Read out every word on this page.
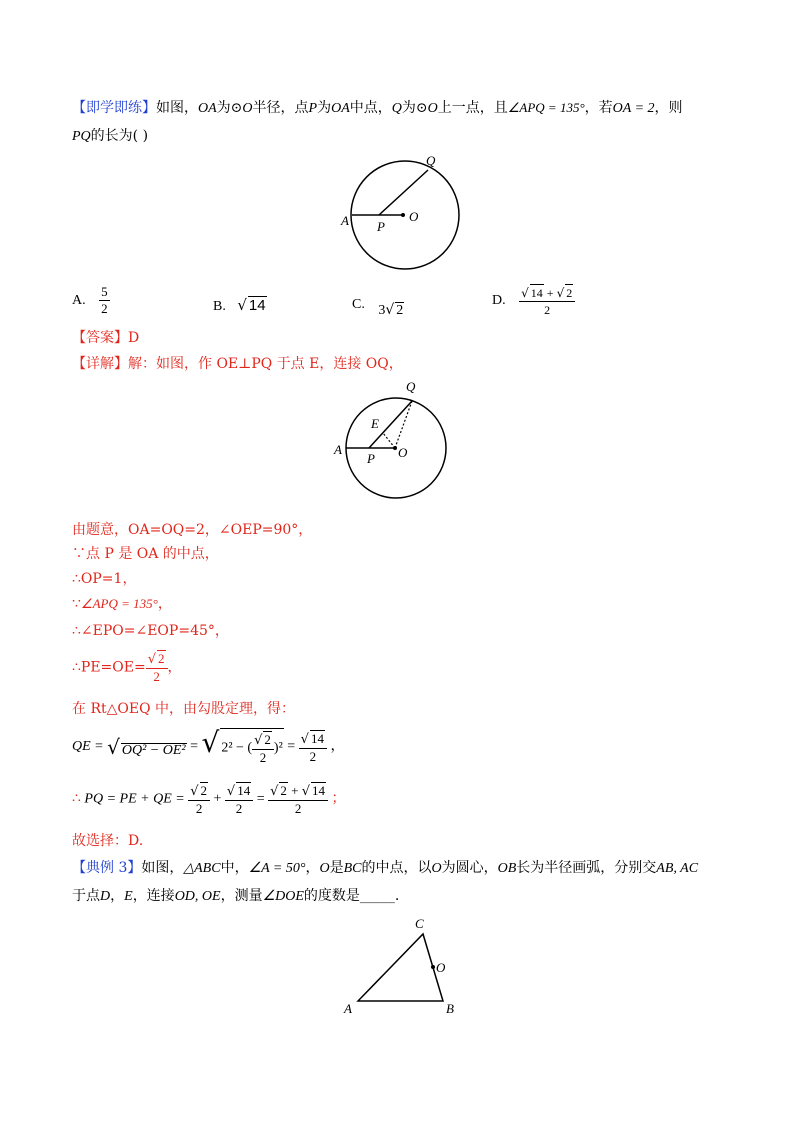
【即学即练】如图，OA为⊙O半径，点P为OA中点，Q为⊙O上一点，且∠APQ = 135°，若OA = 2，则
PQ的长为( )
A P
O
Q
A. $\frac{5}{2}$	B. √ 14	C. 3√ 2
D. $\frac{√ 14 + √ 2}{2}$
【答案】D
【详解】解：如图，作 OE⊥PQ 于点 E，连接 OQ，
A
P O
Q
E
由题意，OA=OQ=2，∠OEP=90°，
∵点 P 是 OA 的中点，
∴OP=1，
∵∠APQ = 135°，
∴∠EPO=∠EOP=45°，
∴PE=OE= $\frac{√ 2}{2}$ ，
在 Rt△OEQ 中，由勾股定理，得：
QE = √ OQ² − OE² = √ 2² − ( $\frac{√ 2}{2} )^2 = \frac{√ 14}{2}$ ，
∴ PQ = PE + QE = $\frac{√ 2}{2} + \frac{√ 14}{2} = \frac{√ 2 + √ 14}{2}$ ；
故选择：D.
【典例 3】如图，△ABC中，∠A = 50°，O是BC的中点，以O为圆心，OB长为半径画弧，分别交AB, AC
于点D，E，连接OD, OE，测量∠DOE的度数是_____.
A	B
C
O
